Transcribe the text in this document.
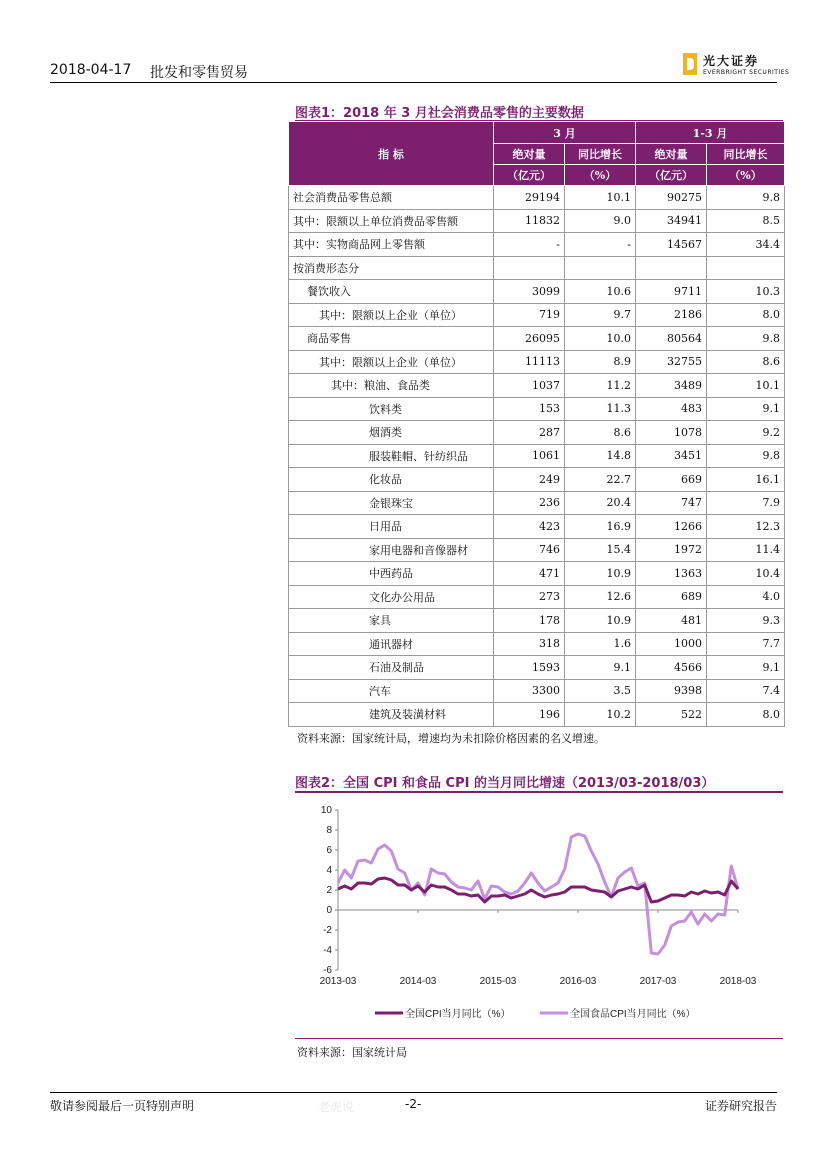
2018-04-17 批发和零售贸易
光大证券
EVERBRIGHT SECURITIES
图表1：2018 年 3 月社会消费品零售的主要数据
指 标	3 月		1-3 月	
	绝对量	同比增长	绝对量	同比增长
	（亿元）	（%）	（亿元）	（%）
社会消费品零售总额	29194	10.1	90275	9.8
其中：限额以上单位消费品零售额	11832	9.0	34941	8.5
其中：实物商品网上零售额	-	-	14567	34.4
按消费形态分				
餐饮收入	3099	10.6	9711	10.3
其中：限额以上企业（单位）	719	9.7	2186	8.0
商品零售	26095	10.0	80564	9.8
其中：限额以上企业（单位）	11113	8.9	32755	8.6
其中：粮油、食品类	1037	11.2	3489	10.1
饮料类	153	11.3	483	9.1
烟酒类	287	8.6	1078	9.2
服装鞋帽、针纺织品	1061	14.8	3451	9.8
化妆品	249	22.7	669	16.1
金银珠宝	236	20.4	747	7.9
日用品	423	16.9	1266	12.3
家用电器和音像器材	746	15.4	1972	11.4
中西药品	471	10.9	1363	10.4
文化办公用品	273	12.6	689	4.0
家具	178	10.9	481	9.3
通讯器材	318	1.6	1000	7.7
石油及制品	1593	9.1	4566	9.1
汽车	3300	3.5	9398	7.4
建筑及装潢材料	196	10.2	522	8.0
资料来源：国家统计局，增速均为未扣除价格因素的名义增速。
图表2：全国 CPI 和食品 CPI 的当月同比增速（2013/03-2018/03）
-6
-4
-2
0
2
4
6
8
10
2013-03	2014-03	2015-03	2016-03	2017-03	2018-03
全国CPI当月同比（%）	全国食品CPI当月同比（%）
资料来源：国家统计局
敬请参阅最后一页特别声明	老虎说	-2-	证券研究报告
